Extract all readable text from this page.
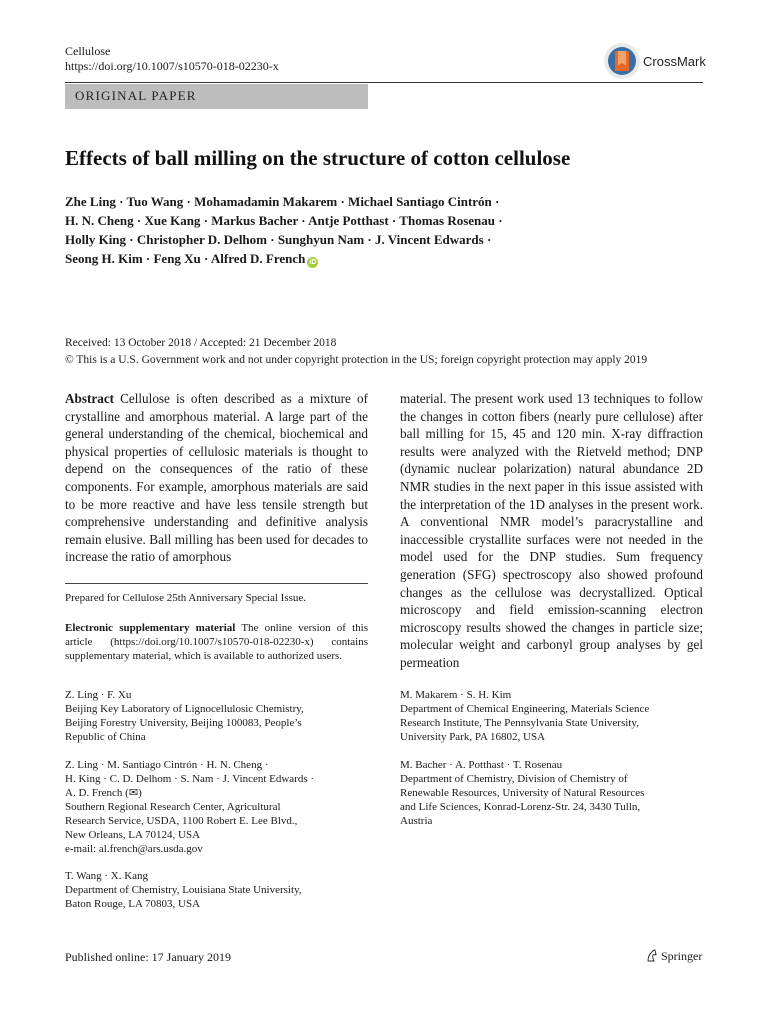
Cellulose
https://doi.org/10.1007/s10570-018-02230-x	CrossMark
ORIGINAL PAPER
Effects of ball milling on the structure of cotton cellulose
Zhe Ling · Tuo Wang · Mohamadamin Makarem · Michael Santiago Cintrón ·
H. N. Cheng · Xue Kang · Markus Bacher · Antje Potthast · Thomas Rosenau ·
Holly King · Christopher D. Delhom · Sunghyun Nam · J. Vincent Edwards ·
Seong H. Kim · Feng Xu · Alfred D. French iD
Received: 13 October 2018 / Accepted: 21 December 2018
© This is a U.S. Government work and not under copyright protection in the US; foreign copyright protection may apply 2019
Abstract Cellulose is often described as a mixture of crystalline and amorphous material. A large part of the general understanding of the chemical, biochemical and physical properties of cellulosic materials is thought to depend on the consequences of the ratio of these components. For example, amorphous materials are said to be more reactive and have less tensile strength but comprehensive understanding and definitive analysis remain elusive. Ball milling has been used for decades to increase the ratio of amorphous
material. The present work used 13 techniques to follow the changes in cotton fibers (nearly pure cellulose) after ball milling for 15, 45 and 120 min. X-ray diffraction results were analyzed with the Rietveld method; DNP (dynamic nuclear polarization) natural abundance 2D NMR studies in the next paper in this issue assisted with the interpretation of the 1D analyses in the present work. A conventional NMR model’s paracrystalline and inaccessible crystallite surfaces were not needed in the model used for the DNP studies. Sum frequency generation (SFG) spectroscopy also showed profound changes as the cellulose was decrystallized. Optical microscopy and field emission-scanning electron microscopy results showed the changes in particle size; molecular weight and carbonyl group analyses by gel permeation
Prepared for Cellulose 25th Anniversary Special Issue.
Electronic supplementary material The online version of this article (https://doi.org/10.1007/s10570-018-02230-x) contains supplementary material, which is available to authorized users.
Published online: 17 January 2019	Springer
Z. Ling · F. Xu
Beijing Key Laboratory of Lignocellulosic Chemistry,
Beijing Forestry University, Beijing 100083, People’s
Republic of China
Z. Ling · M. Santiago Cintrón · H. N. Cheng ·
H. King · C. D. Delhom · S. Nam · J. Vincent Edwards ·
A. D. French (✉)
Southern Regional Research Center, Agricultural
Research Service, USDA, 1100 Robert E. Lee Blvd.,
New Orleans, LA 70124, USA
e-mail: al.french@ars.usda.gov
T. Wang · X. Kang
Department of Chemistry, Louisiana State University,
Baton Rouge, LA 70803, USA
M. Makarem · S. H. Kim
Department of Chemical Engineering, Materials Science
Research Institute, The Pennsylvania State University,
University Park, PA 16802, USA
M. Bacher · A. Potthast · T. Rosenau
Department of Chemistry, Division of Chemistry of
Renewable Resources, University of Natural Resources
and Life Sciences, Konrad-Lorenz-Str. 24, 3430 Tulln,
Austria
